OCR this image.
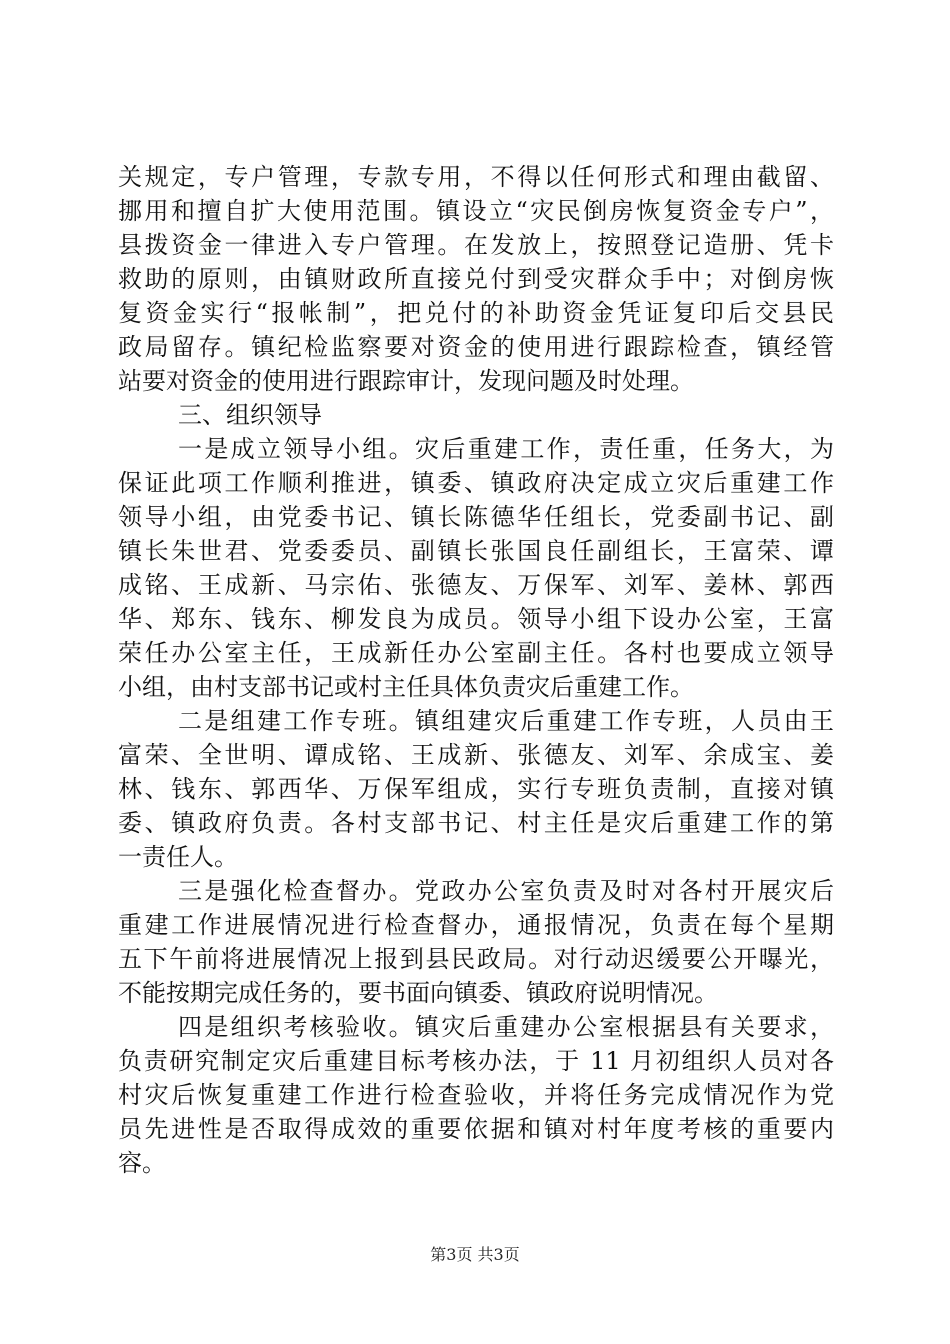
关规定，专户管理，专款专用，不得以任何形式和理由截留、
挪用和擅自扩大使用范围。镇设立“灾民倒房恢复资金专户”，
县拨资金一律进入专户管理。在发放上，按照登记造册、凭卡
救助的原则，由镇财政所直接兑付到受灾群众手中；对倒房恢
复资金实行“报帐制”，把兑付的补助资金凭证复印后交县民
政局留存。镇纪检监察要对资金的使用进行跟踪检查，镇经管
站要对资金的使用进行跟踪审计，发现问题及时处理。
三、组织领导
一是成立领导小组。灾后重建工作，责任重，任务大，为
保证此项工作顺利推进，镇委、镇政府决定成立灾后重建工作
领导小组，由党委书记、镇长陈德华任组长，党委副书记、副
镇长朱世君、党委委员、副镇长张国良任副组长，王富荣、谭
成铭、王成新、马宗佑、张德友、万保军、刘军、姜林、郭西
华、郑东、钱东、柳发良为成员。领导小组下设办公室，王富
荣任办公室主任，王成新任办公室副主任。各村也要成立领导
小组，由村支部书记或村主任具体负责灾后重建工作。
二是组建工作专班。镇组建灾后重建工作专班，人员由王
富荣、全世明、谭成铭、王成新、张德友、刘军、余成宝、姜
林、钱东、郭西华、万保军组成，实行专班负责制，直接对镇
委、镇政府负责。各村支部书记、村主任是灾后重建工作的第
一责任人。
三是强化检查督办。党政办公室负责及时对各村开展灾后
重建工作进展情况进行检查督办，通报情况，负责在每个星期
五下午前将进展情况上报到县民政局。对行动迟缓要公开曝光，
不能按期完成任务的，要书面向镇委、镇政府说明情况。
四是组织考核验收。镇灾后重建办公室根据县有关要求，
负责研究制定灾后重建目标考核办法，于 11 月初组织人员对各
村灾后恢复重建工作进行检查验收，并将任务完成情况作为党
员先进性是否取得成效的重要依据和镇对村年度考核的重要内
容。
第3页 共3页
